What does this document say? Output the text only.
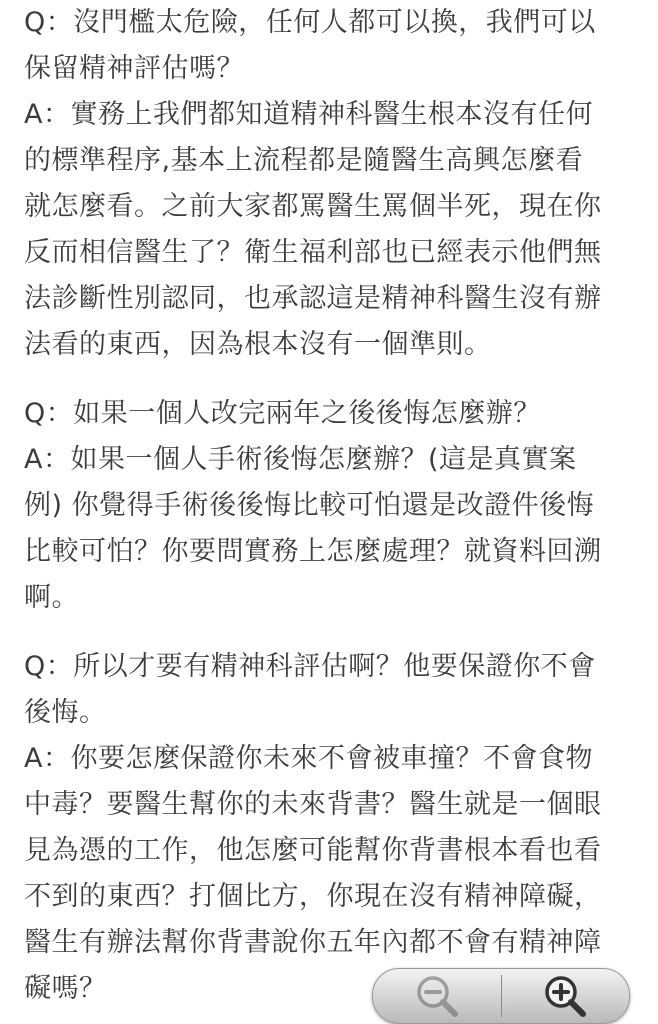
Q：沒門檻太危險，任何人都可以換，我們可以
保留精神評估嗎？
A：實務上我們都知道精神科醫生根本沒有任何
的標準程序,基本上流程都是隨醫生高興怎麼看
就怎麼看。之前大家都罵醫生罵個半死，現在你
反而相信醫生了？衛生福利部也已經表示他們無
法診斷性別認同，也承認這是精神科醫生沒有辦
法看的東西，因為根本沒有一個準則。
Q：如果一個人改完兩年之後後悔怎麼辦？
A：如果一個人手術後悔怎麼辦？(這是真實案
例) 你覺得手術後後悔比較可怕還是改證件後悔
比較可怕？你要問實務上怎麼處理？就資料回溯
啊。
Q：所以才要有精神科評估啊？他要保證你不會
後悔。
A：你要怎麼保證你未來不會被車撞？不會食物
中毒？要醫生幫你的未來背書？醫生就是一個眼
見為憑的工作，他怎麼可能幫你背書根本看也看
不到的東西？打個比方，你現在沒有精神障礙，
醫生有辦法幫你背書說你五年內都不會有精神障
礙嗎？
